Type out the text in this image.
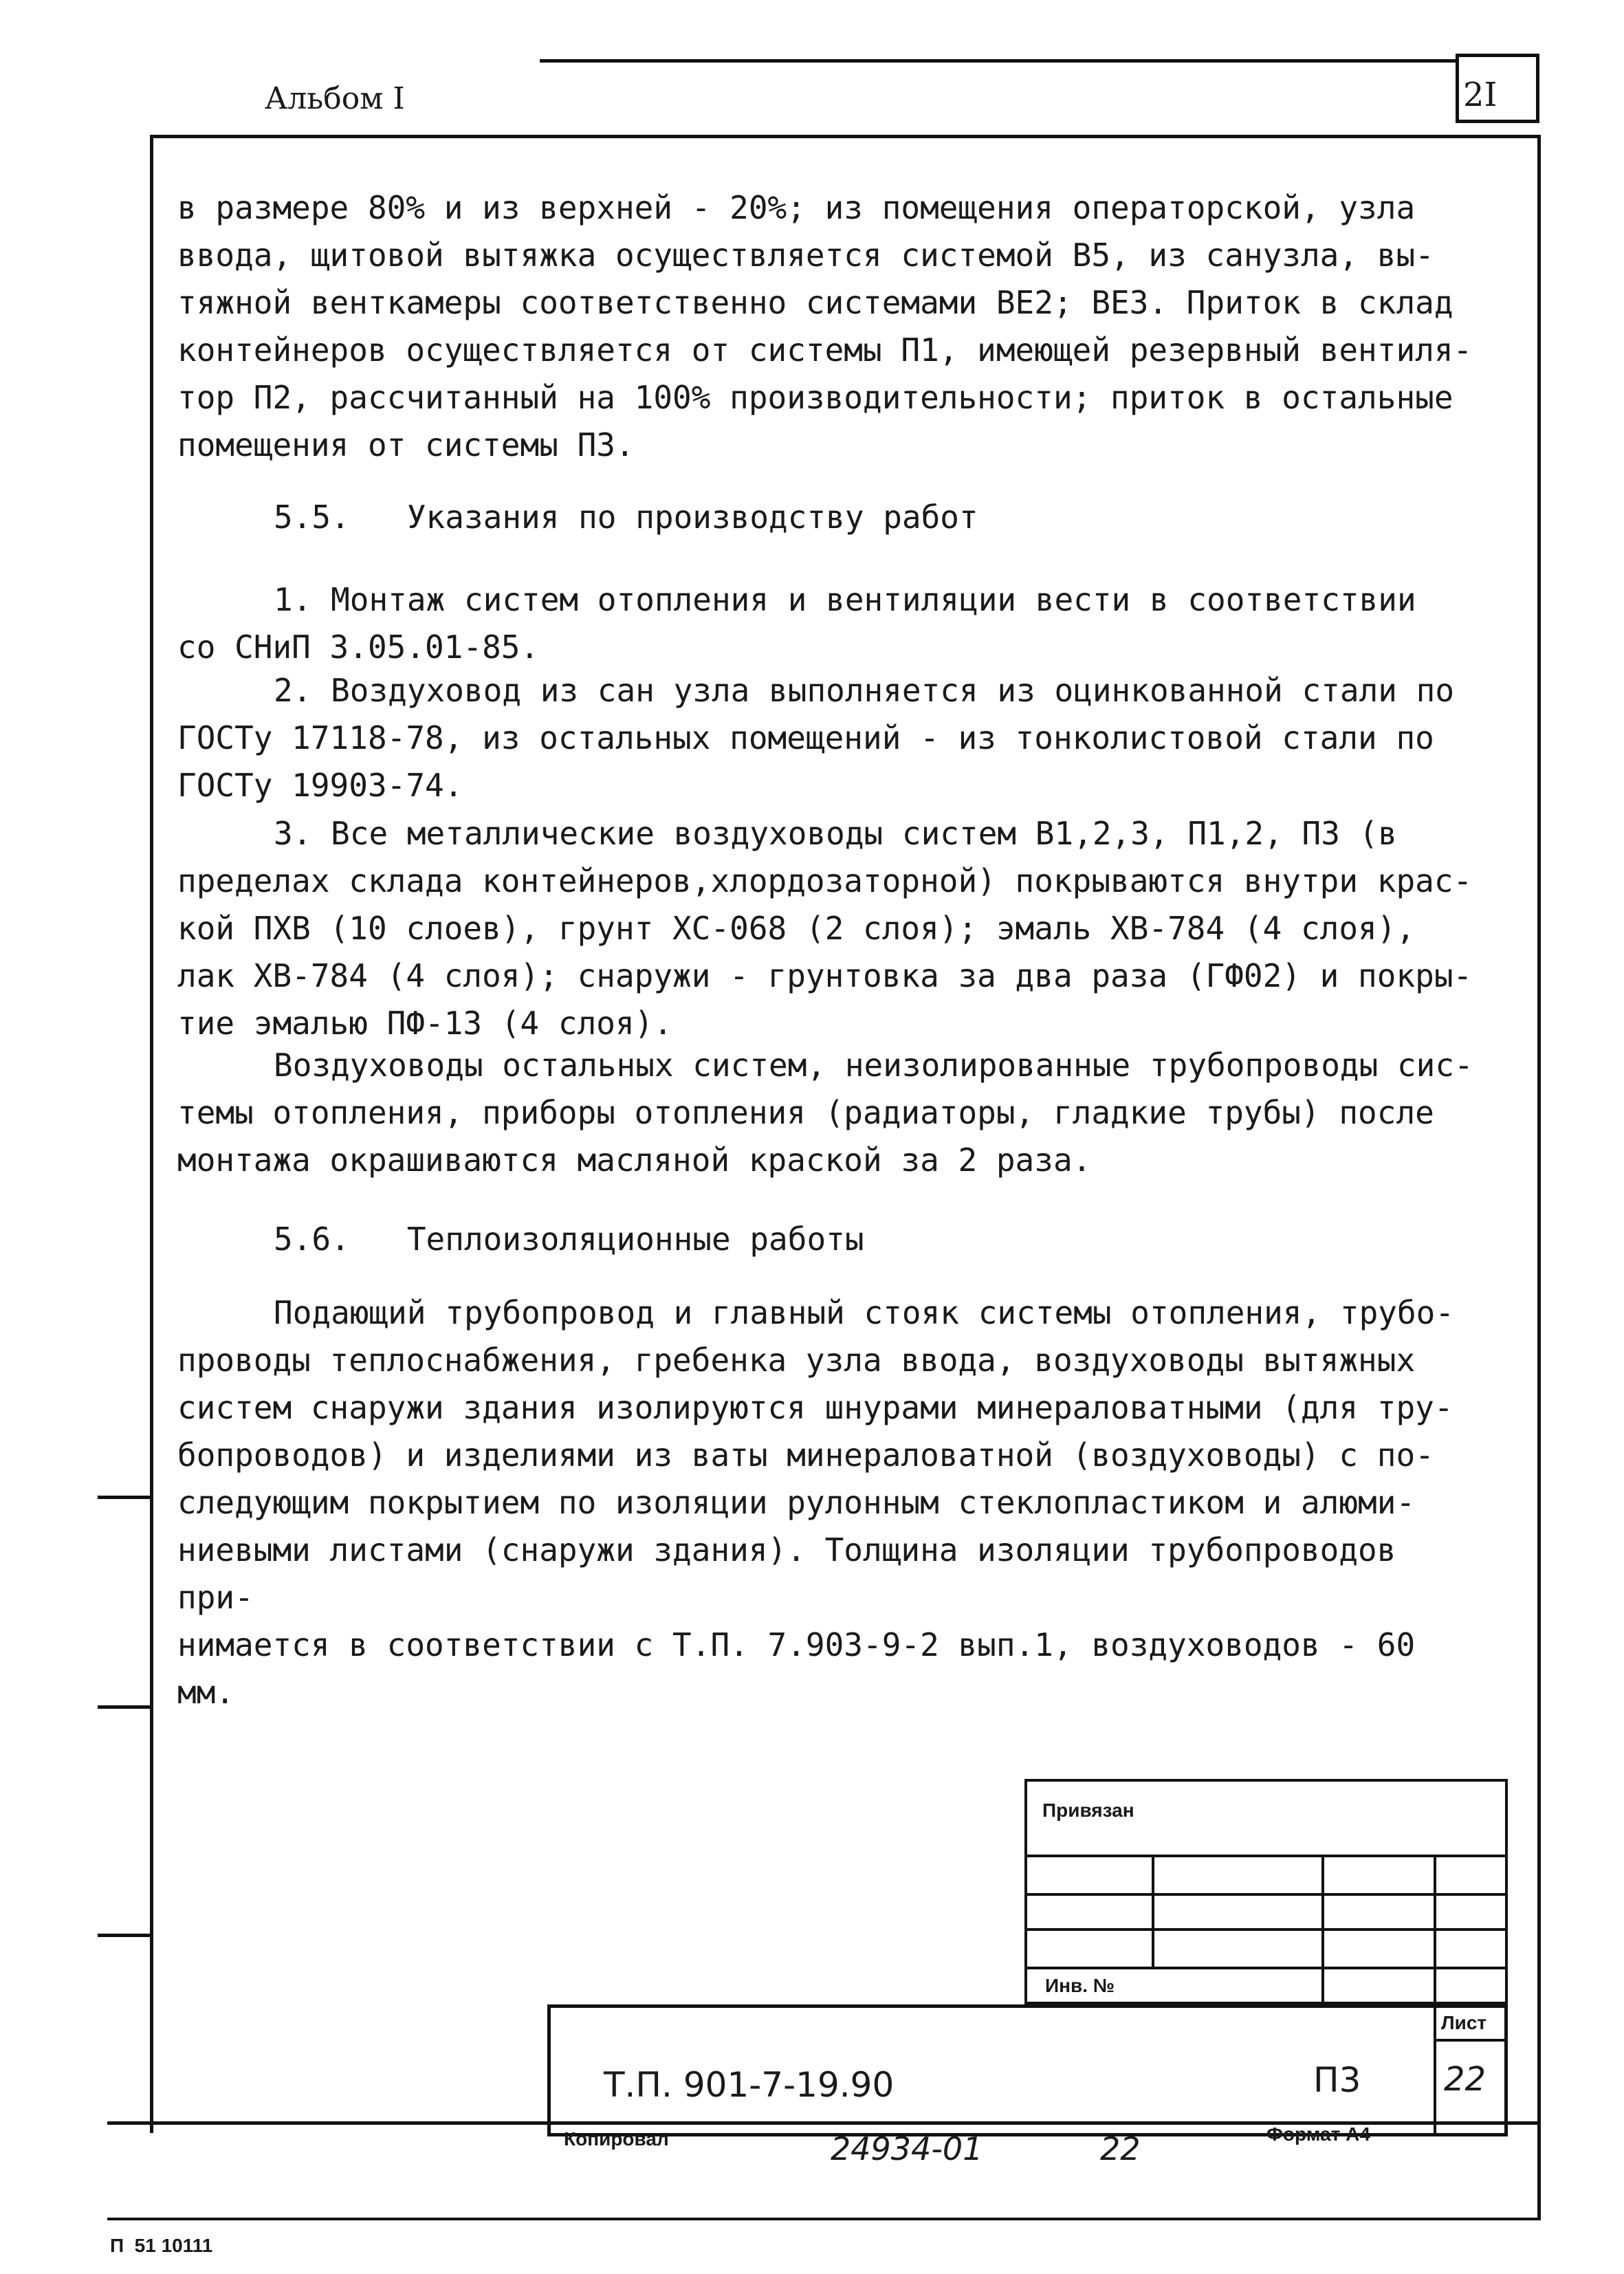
Альбом I	2I
в размере 80% и из верхней - 20%; из помещения операторской, узла
ввода, щитовой вытяжка осуществляется системой В5, из санузла, вы-
тяжной венткамеры соответственно системами ВЕ2; ВЕ3. Приток в склад
контейнеров осуществляется от системы П1, имеющей резервный вентиля-
тор П2, рассчитанный на 100% производительности; приток в остальные
помещения от системы П3.
5.5.   Указания по производству работ
1. Монтаж систем отопления и вентиляции вести в соответствии
со СНиП 3.05.01-85.
2. Воздуховод из сан узла выполняется из оцинкованной стали по
ГОСТу 17118-78, из остальных помещений - из тонколистовой стали по
ГОСТу 19903-74.
3. Все металлические воздуховоды систем В1,2,3, П1,2, П3 (в
пределах склада контейнеров,хлордозаторной) покрываются внутри крас-
кой ПХВ (10 слоев), грунт ХС-068 (2 слоя); эмаль ХВ-784 (4 слоя),
лак ХВ-784 (4 слоя); снаружи - грунтовка за два раза (ГФ02) и покры-
тие эмалью ПФ-13 (4 слоя).
Воздуховоды остальных систем, неизолированные трубопроводы сис-
темы отопления, приборы отопления (радиаторы, гладкие трубы) после
монтажа окрашиваются масляной краской за 2 раза.
5.6.   Теплоизоляционные работы
Подающий трубопровод и главный стояк системы отопления, трубо-
проводы теплоснабжения, гребенка узла ввода, воздуховоды вытяжных
систем снаружи здания изолируются шнурами минераловатными (для тру-
бопроводов) и изделиями из ваты минераловатной (воздуховоды) с по-
следующим покрытием по изоляции рулонным стеклопластиком и алюми-
ниевыми листами (снаружи здания). Толщина изоляции трубопроводов при-
нимается в соответствии с Т.П. 7.903-9-2 вып.1, воздуховодов - 60 мм.
Привязан
Инв. №
Лист
Т.П. 901-7-19.90	П3	22
Копировал	24934-01	22	Формат А4
П  51 10111
